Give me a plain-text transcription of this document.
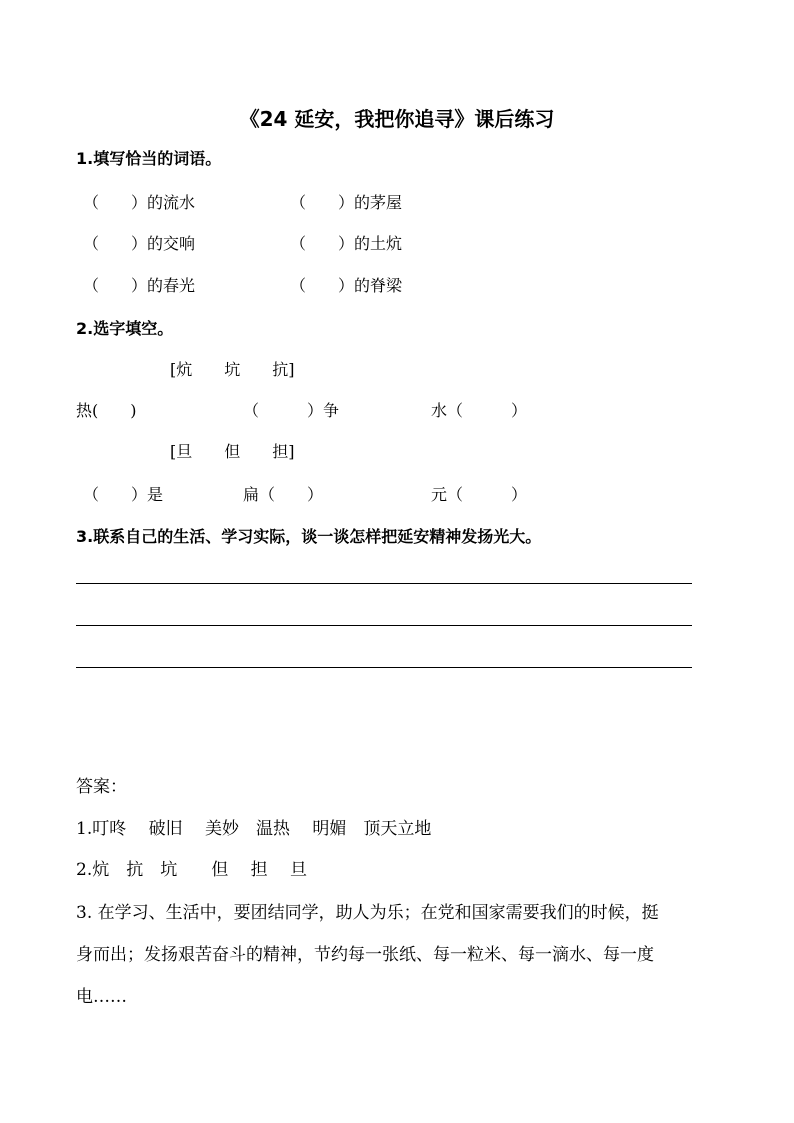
《24 延安，我把你追寻》课后练习
1.填写恰当的词语。
（　　）的流水	（　　）的茅屋
（　　）的交响	（　　）的土炕
（　　）的春光	（　　）的脊梁
2.选字填空。
[炕　　坑　　抗]
热(　　)	（　　　）争	水（　　　）
[旦　　但　　担]
（　　）是	扁（　　）	元（　　　）
3.联系自己的生活、学习实际，谈一谈怎样把延安精神发扬光大。
答案：
1.叮咚　 破旧　 美妙　温热　 明媚　顶天立地
2.炕　抗　坑　　但　 担　 旦
3. 在学习、生活中，要团结同学，助人为乐；在党和国家需要我们的时候，挺
身而出；发扬艰苦奋斗的精神，节约每一张纸、每一粒米、每一滴水、每一度
电……
